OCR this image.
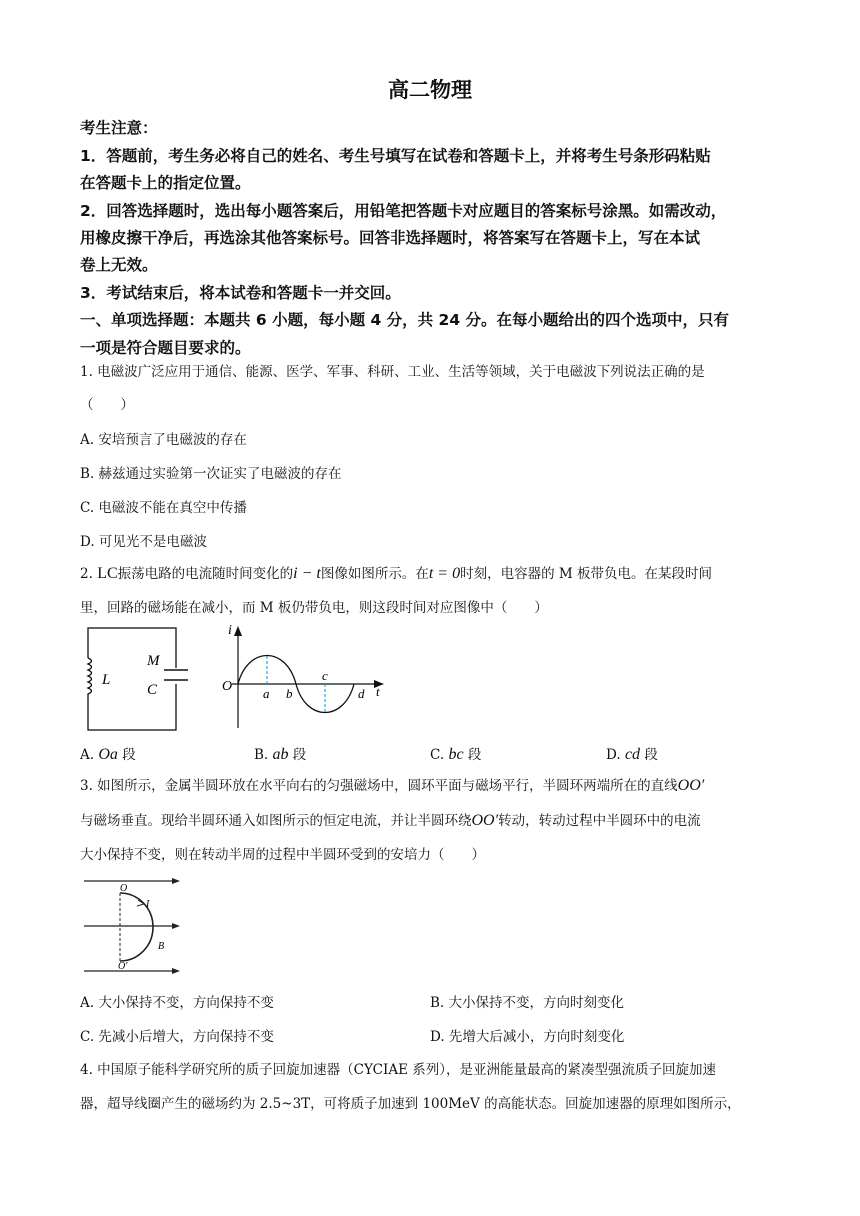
高二物理
考生注意：
1．答题前，考生务必将自己的姓名、考生号填写在试卷和答题卡上，并将考生号条形码粘贴
在答题卡上的指定位置。
2．回答选择题时，选出每小题答案后，用铅笔把答题卡对应题目的答案标号涂黑。如需改动，
用橡皮擦干净后，再选涂其他答案标号。回答非选择题时，将答案写在答题卡上，写在本试
卷上无效。
3．考试结束后，将本试卷和答题卡一并交回。
一、单项选择题：本题共 6 小题，每小题 4 分，共 24 分。在每小题给出的四个选项中，只有
一项是符合题目要求的。
1. 电磁波广泛应用于通信、能源、医学、军事、科研、工业、生活等领域，关于电磁波下列说法正确的是
（　　）
A. 安培预言了电磁波的存在
B. 赫兹通过实验第一次证实了电磁波的存在
C. 电磁波不能在真空中传播
D. 可见光不是电磁波
2. LC振荡电路的电流随时间变化的i − t图像如图所示。在t = 0时刻，电容器的 M 板带负电。在某段时间
里，回路的磁场能在减小，而 M 板仍带负电，则这段时间对应图像中（　　）
L
M
C
i
O a b
c
d t
A. Oa 段	B. ab 段	C. bc 段	D. cd 段
3. 如图所示，金属半圆环放在水平向右的匀强磁场中，圆环平面与磁场平行，半圆环两端所在的直线OO′
与磁场垂直。现给半圆环通入如图所示的恒定电流，并让半圆环绕OO′转动，转动过程中半圆环中的电流
大小保持不变，则在转动半周的过程中半圆环受到的安培力（　　）
O
I
B
O′
A. 大小保持不变，方向保持不变	B. 大小保持不变，方向时刻变化
C. 先减小后增大，方向保持不变	D. 先增大后减小，方向时刻变化
4. 中国原子能科学研究所的质子回旋加速器（CYCIAE 系列），是亚洲能量最高的紧凑型强流质子回旋加速
器，超导线圈产生的磁场约为 2.5~3T，可将质子加速到 100MeV 的高能状态。回旋加速器的原理如图所示，
